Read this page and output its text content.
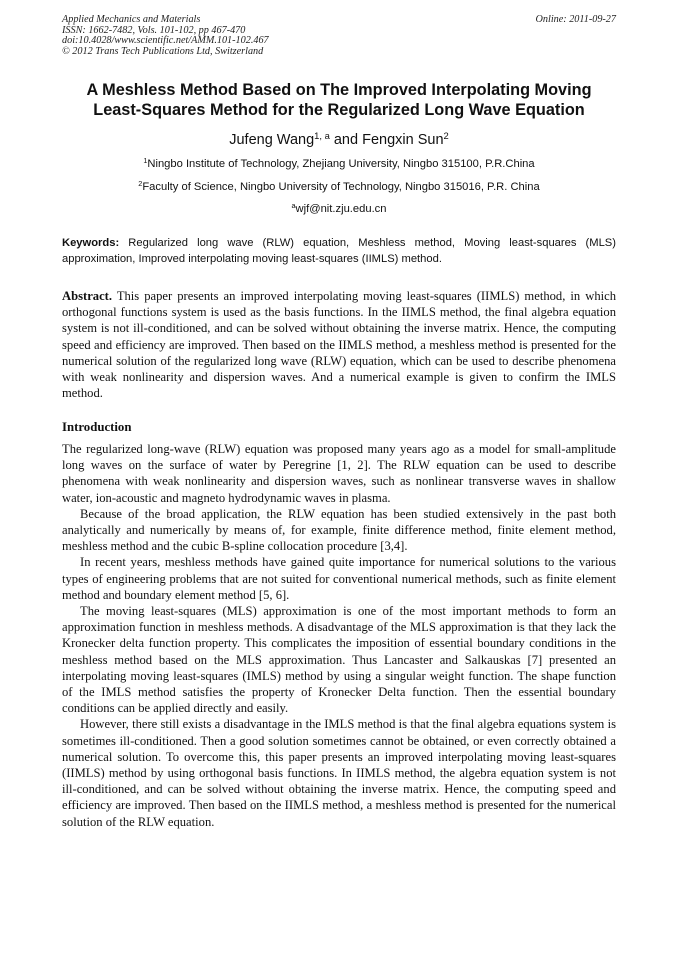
Applied Mechanics and Materials
ISSN: 1662-7482, Vols. 101-102, pp 467-470
doi:10.4028/www.scientific.net/AMM.101-102.467
© 2012 Trans Tech Publications Ltd, Switzerland
Online: 2011-09-27
A Meshless Method Based on The Improved Interpolating Moving
Least-Squares Method for the Regularized Long Wave Equation
Jufeng Wang$^{1, a}$ and Fengxin Sun$^2$
$^1$Ningbo Institute of Technology, Zhejiang University, Ningbo 315100, P.R.China
$^2$Faculty of Science, Ningbo University of Technology, Ningbo 315016, P.R. China
$^a$wjf@nit.zju.edu.cn
Keywords: Regularized long wave (RLW) equation, Meshless method, Moving least-squares (MLS) approximation, Improved interpolating moving least-squares (IIMLS) method.
Abstract. This paper presents an improved interpolating moving least-squares (IIMLS) method, in which orthogonal functions system is used as the basis functions. In the IIMLS method, the final algebra equation system is not ill-conditioned, and can be solved without obtaining the inverse matrix. Hence, the computing speed and efficiency are improved. Then based on the IIMLS method, a meshless method is presented for the numerical solution of the regularized long wave (RLW) equation, which can be used to describe phenomena with weak nonlinearity and dispersion waves. And a numerical example is given to confirm the IMLS method.
Introduction

The regularized long-wave (RLW) equation was proposed many years ago as a model for small-amplitude long waves on the surface of water by Peregrine [1, 2]. The RLW equation can be used to describe phenomena with weak nonlinearity and dispersion waves, such as nonlinear transverse waves in shallow water, ion-acoustic and magneto hydrodynamic waves in plasma.

Because of the broad application, the RLW equation has been studied extensively in the past both analytically and numerically by means of, for example, finite difference method, finite element method, meshless method and the cubic B-spline collocation procedure [3,4].

In recent years, meshless methods have gained quite importance for numerical solutions to the various types of engineering problems that are not suited for conventional numerical methods, such as finite element method and boundary element method [5, 6].

The moving least-squares (MLS) approximation is one of the most important methods to form an approximation function in meshless methods. A disadvantage of the MLS approximation is that they lack the Kronecker delta function property. This complicates the imposition of essential boundary conditions in the meshless method based on the MLS approximation. Thus Lancaster and Salkauskas [7] presented an interpolating moving least-squares (IMLS) method by using a singular weight function. The shape function of the IMLS method satisfies the property of Kronecker Delta function. Then the essential boundary conditions can be applied directly and easily.

However, there still exists a disadvantage in the IMLS method is that the final algebra equations system is sometimes ill-conditioned. Then a good solution sometimes cannot be obtained, or even correctly obtained a numerical solution. To overcome this, this paper presents an improved interpolating moving least-squares (IIMLS) method by using orthogonal basis functions. In IIMLS method, the algebra equation system is not ill-conditioned, and can be solved without obtaining the inverse matrix. Hence, the computing speed and efficiency are improved. Then based on the IIMLS method, a meshless method is presented for the numerical solution of the RLW equation.
